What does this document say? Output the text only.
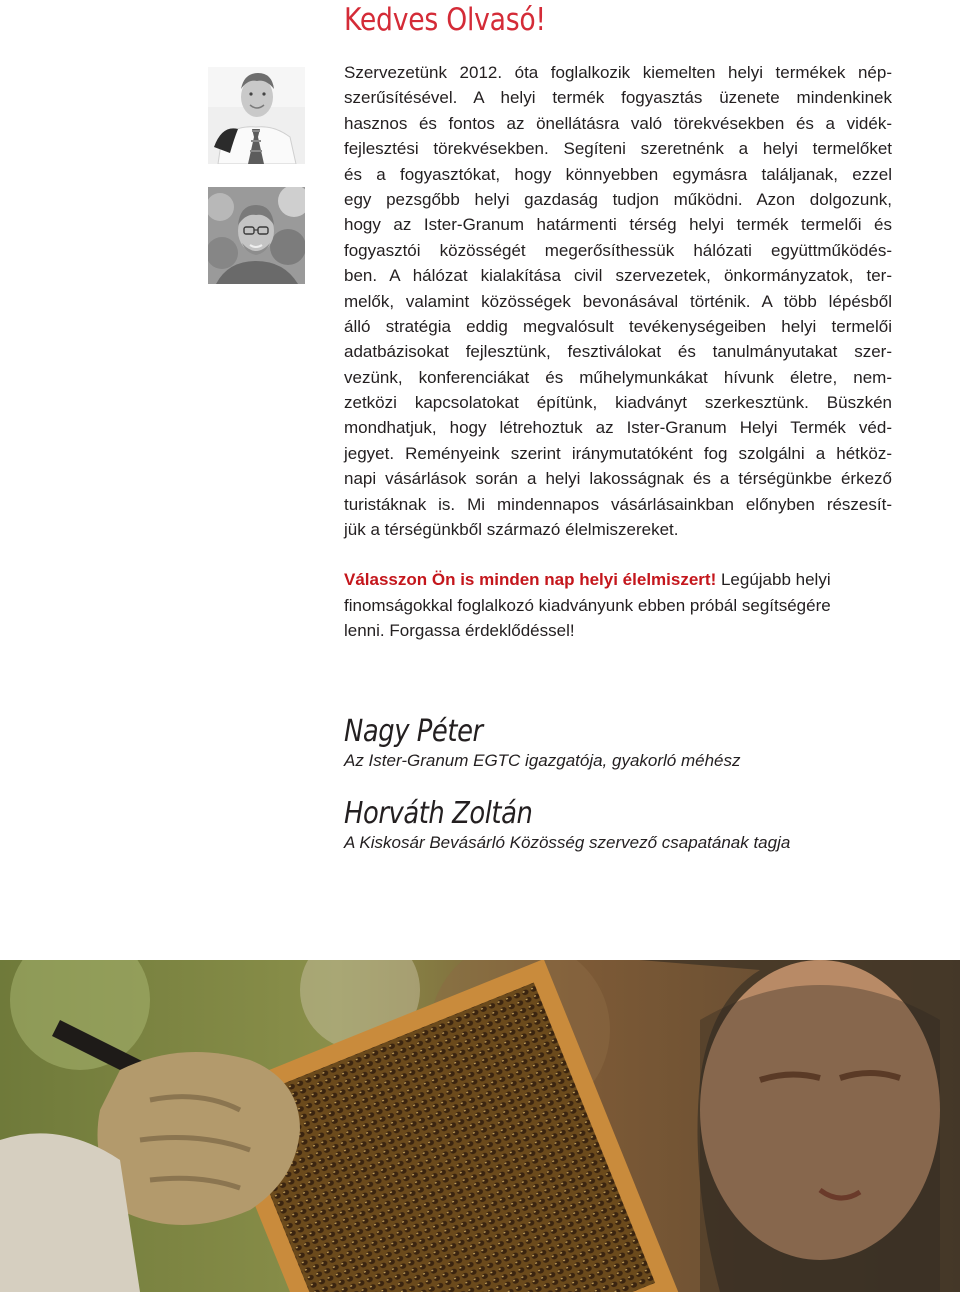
Kedves Olvasó!
Szervezetünk 2012. óta foglalkozik kiemelten helyi termékek nép-
szerűsítésével. A helyi termék fogyasztás üzenete mindenkinek
hasznos és fontos az önellátásra való törekvésekben és a vidék-
fejlesztési törekvésekben. Segíteni szeretnénk a helyi termelőket
és a fogyasztókat, hogy könnyebben egymásra találjanak, ezzel
egy pezsgőbb helyi gazdaság tudjon működni. Azon dolgozunk,
hogy az Ister-Granum határmenti térség helyi termék termelői és
fogyasztói közösségét megerősíthessük hálózati együttműködés-
ben. A hálózat kialakítása civil szervezetek, önkormányzatok, ter-
melők, valamint közösségek bevonásával történik. A több lépésből
álló stratégia eddig megvalósult tevékenységeiben helyi termelői
adatbázisokat fejlesztünk, fesztiválokat és tanulmányutakat szer-
vezünk, konferenciákat és műhelymunkákat hívunk életre, nem-
zetközi kapcsolatokat építünk, kiadványt szerkesztünk. Büszkén
mondhatjuk, hogy létrehoztuk az Ister-Granum Helyi Termék véd-
jegyet. Reményeink szerint iránymutatóként fog szolgálni a hétköz-
napi vásárlások során a helyi lakosságnak és a térségünkbe érkező
turistáknak is. Mi mindennapos vásárlásainkban előnyben részesít-
jük a térségünkből származó élelmiszereket.
Válasszon Ön is minden nap helyi élelmiszert! Legújabb helyi
finomságokkal foglalkozó kiadványunk ebben próbál segítségére
lenni. Forgassa érdeklődéssel!
Nagy Péter
Az Ister-Granum EGTC igazgatója, gyakorló méhész
Horváth Zoltán
A Kiskosár Bevásárló Közösség szervező csapatának tagja
